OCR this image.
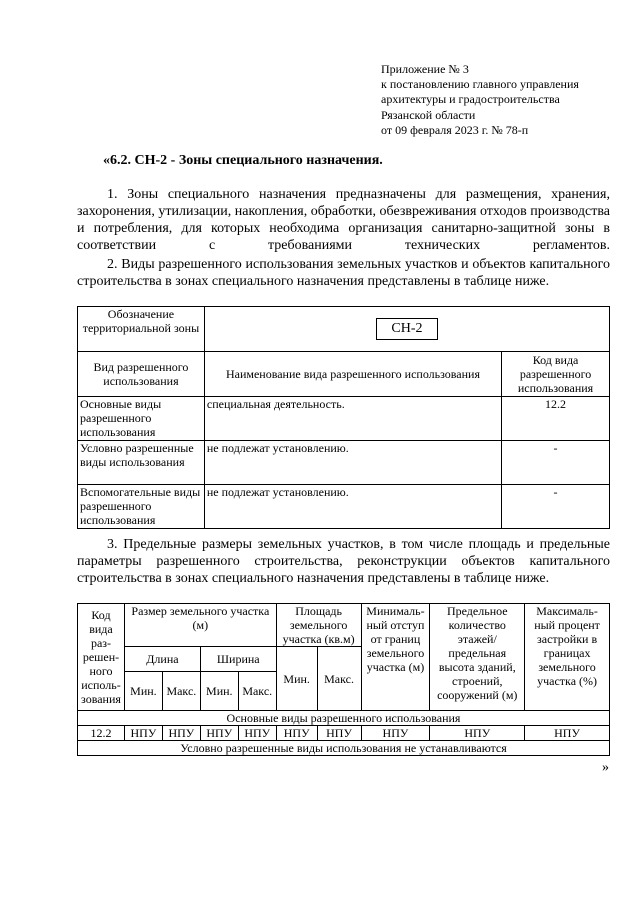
Приложение № 3
к постановлению главного управления
архитектуры и градостроительства
Рязанской области
от 09 февраля 2023 г. № 78-п
«6.2. СН-2 - Зоны специального назначения.
1. Зоны специального назначения предназначены для размещения, хранения, захоронения, утилизации, накопления, обработки, обезвреживания отходов производства и потребления, для которых необходима организация санитарно-защитной зоны в соответствии с требованиями технических регламентов.
2. Виды разрешенного использования земельных участков и объектов капитального строительства в зонах специального назначения представлены в таблице ниже.
Обозначение территориальной зоны	СН-2	
Вид разрешенного использования	Наименование вида разрешенного использования	Код вида разрешенного использования
Основные виды разрешенного использования	специальная деятельность.	12.2
Условно разрешенные виды использования	не подлежат установлению.	-
Вспомогательные виды разрешенного использования	не подлежат установлению.	-
3. Предельные размеры земельных участков, в том числе площадь и предельные параметры разрешенного строительства, реконструкции объектов капитального строительства в зонах специального назначения представлены в таблице ниже.
Код вида раз-решен-ного исполь-зования	Размер земельного участка (м)				Площадь земельного участка (кв.м)		Минималь-ный отступ от границ земельного участка (м)	Предельное количество этажей/ предельная высота зданий, строений, сооружений (м)	Максималь-ный процент застройки в границах земельного участка (%)
	Длина		Ширина		Мин.	Макс.			
	Мин.	Макс.	Мин.	Макс.					
Основные виды разрешенного использования									
12.2	НПУ	НПУ	НПУ	НПУ	НПУ	НПУ	НПУ	НПУ	НПУ
Условно разрешенные виды использования не устанавливаются									
»
